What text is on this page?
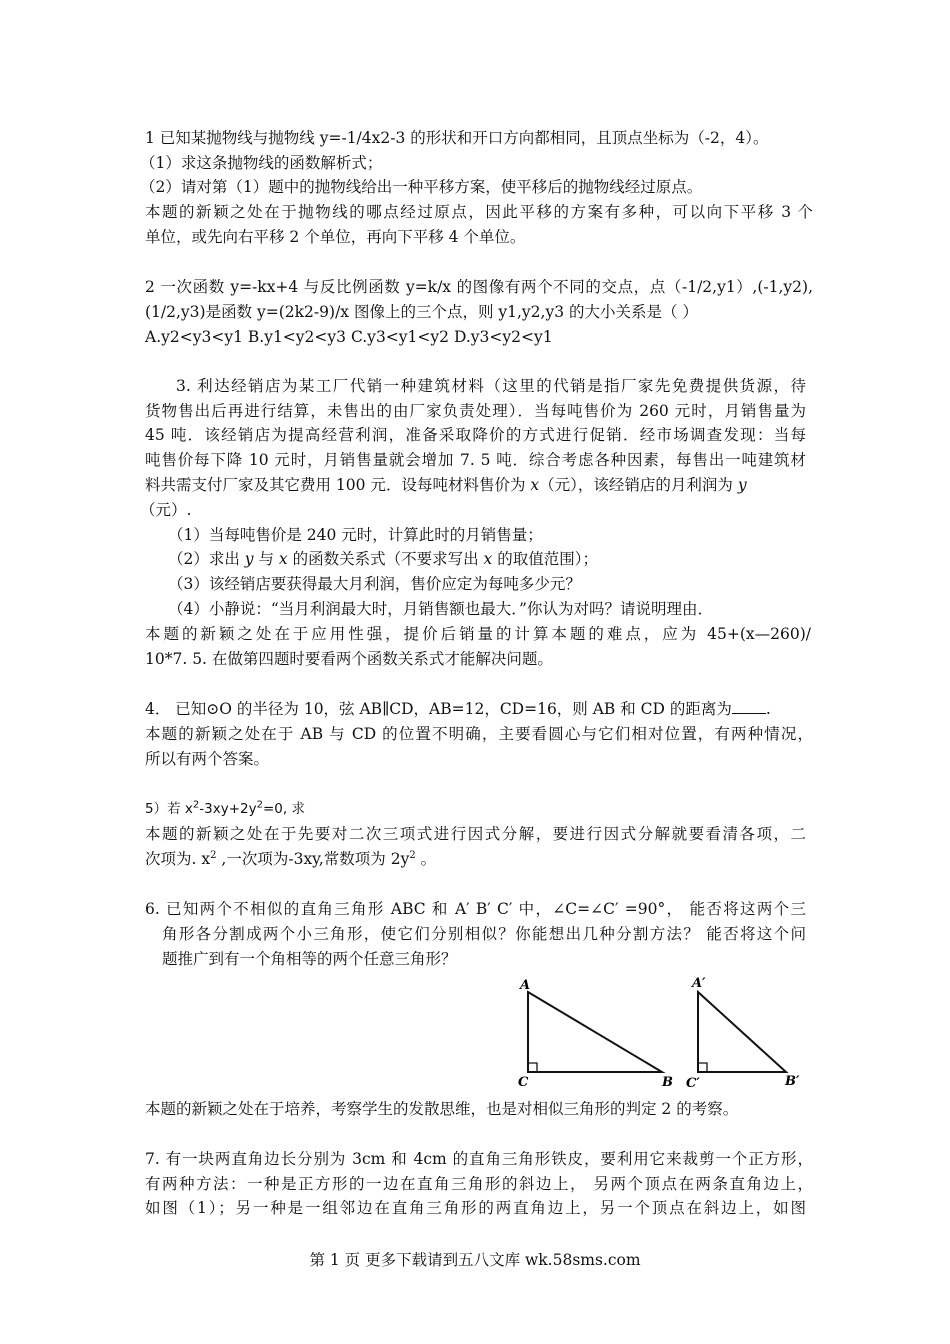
1 已知某抛物线与抛物线 y=-1/4x2-3 的形状和开口方向都相同，且顶点坐标为（-2，4）。
（1）求这条抛物线的函数解析式；
（2）请对第（1）题中的抛物线给出一种平移方案，使平移后的抛物线经过原点。
本题的新颖之处在于抛物线的哪点经过原点，因此平移的方案有多种，可以向下平移 3 个
单位，或先向右平移 2 个单位，再向下平移 4 个单位。
2 一次函数 y=-kx+4 与反比例函数 y=k/x 的图像有两个不同的交点，点（-1/2,y1）,(-1,y2),
(1/2,y3)是函数 y=(2k2-9)/x 图像上的三个点，则 y1,y2,y3 的大小关系是（ ）
A.y2<y3<y1 B.y1<y2<y3 C.y3<y1<y2 D.y3<y2<y1
3. 利达经销店为某工厂代销一种建筑材料（这里的代销是指厂家先免费提供货源，待
货物售出后再进行结算，未售出的由厂家负责处理）．当每吨售价为 260 元时，月销售量为
45 吨．该经销店为提高经营利润，准备采取降价的方式进行促销．经市场调查发现：当每
吨售价每下降 10 元时，月销售量就会增加 7. 5 吨．综合考虑各种因素，每售出一吨建筑材
料共需支付厂家及其它费用 100 元．设每吨材料售价为 x（元），该经销店的月利润为 y
（元）.
（1）当每吨售价是 240 元时，计算此时的月销售量；
（2）求出 y 与 x 的函数关系式（不要求写出 x 的取值范围）；
（3）该经销店要获得最大月利润，售价应定为每吨多少元？
（4）小静说：“当月利润最大时，月销售额也最大．”你认为对吗？请说明理由．
本题的新颖之处在于应用性强，提价后销量的计算本题的难点，应为 45+(x—260)/
10*7. 5. 在做第四题时要看两个函数关系式才能解决问题。
4． 已知⊙O 的半径为 10，弦 AB∥CD，AB=12，CD=16，则 AB 和 CD 的距离为 .
本题的新颖之处在于 AB 与 CD 的位置不明确，主要看圆心与它们相对位置，有两种情况，
所以有两个答案。
5）若 $x^2-3xy+2y^2=0$, 求
本题的新颖之处在于先要对二次三项式进行因式分解，要进行因式分解就要看清各项，二
次项为. $x^2$ ,一次项为-3xy,常数项为 $2y^2$ 。
6. 已知两个不相似的直角三角形 ABC 和 A′ B′ C′ 中，∠C=∠C′ =90°， 能否将这两个三
角形各分割成两个小三角形，使它们分别相似？你能想出几种分割方法？ 能否将这个问
题推广到有一个角相等的两个任意三角形？
A
B
C
A′
B′
C′
本题的新颖之处在于培养，考察学生的发散思维，也是对相似三角形的判定 2 的考察。
7. 有一块两直角边长分别为 3cm 和 4cm 的直角三角形铁皮，要利用它来裁剪一个正方形，
有两种方法：一种是正方形的一边在直角三角形的斜边上， 另两个顶点在两条直角边上，
如图（1）；另一种是一组邻边在直角三角形的两直角边上，另一个顶点在斜边上，如图
第 1 页 更多下载请到五八文库 wk.58sms.com
